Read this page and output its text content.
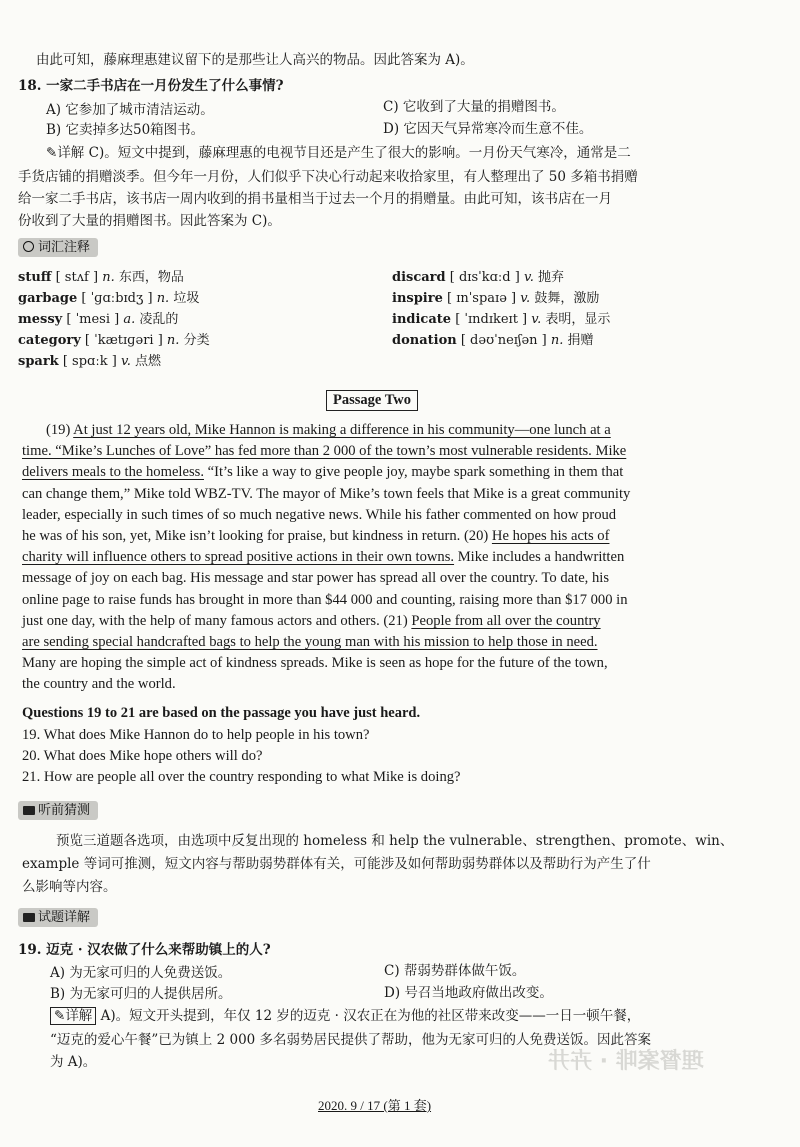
由此可知，藤麻理惠建议留下的是那些让人高兴的物品。因此答案为 A)。
18. 一家二手书店在一月份发生了什么事情?
A) 它参加了城市清洁运动。
B) 它卖掉多达50箱图书。
C) 它收到了大量的捐赠图书。
D) 它因天气异常寒冷而生意不佳。
✎详解 C)。短文中提到，藤麻理惠的电视节目还是产生了很大的影响。一月份天气寒冷，通常是二
手货店铺的捐赠淡季。但今年一月份，人们似乎下决心行动起来收拾家里，有人整理出了 50 多箱书捐赠
给一家二手书店，该书店一周内收到的捐书量相当于过去一个月的捐赠量。由此可知，该书店在一月
份收到了大量的捐赠图书。因此答案为 C)。
词汇注释
stuff [ stʌf ] n. 东西，物品
garbage [ ˈɡɑːbɪdʒ ] n. 垃圾
messy [ ˈmesi ] a. 凌乱的
category [ ˈkætɪɡəri ] n. 分类
spark [ spɑːk ] v. 点燃
discard [ dɪsˈkɑːd ] v. 抛弃
inspire [ ɪnˈspaɪə ] v. 鼓舞，激励
indicate [ ˈɪndɪkeɪt ] v. 表明，显示
donation [ dəʊˈneɪʃən ] n. 捐赠
Passage Two
(19) At just 12 years old, Mike Hannon is making a difference in his community—one lunch at a
time. “Mike’s Lunches of Love” has fed more than 2 000 of the town’s most vulnerable residents. Mike
delivers meals to the homeless. “It’s like a way to give people joy, maybe spark something in them that
can change them,” Mike told WBZ-TV. The mayor of Mike’s town feels that Mike is a great community
leader, especially in such times of so much negative news. While his father commented on how proud
he was of his son, yet, Mike isn’t looking for praise, but kindness in return. (20) He hopes his acts of
charity will influence others to spread positive actions in their own towns. Mike includes a handwritten
message of joy on each bag. His message and star power has spread all over the country. To date, his
online page to raise funds has brought in more than $44 000 and counting, raising more than $17 000 in
just one day, with the help of many famous actors and others. (21) People from all over the country
are sending special handcrafted bags to help the young man with his mission to help those in need.
Many are hoping the simple act of kindness spreads. Mike is seen as hope for the future of the town,
the country and the world.
Questions 19 to 21 are based on the passage you have just heard.
19. What does Mike Hannon do to help people in his town?
20. What does Mike hope others will do?
21. How are people all over the country responding to what Mike is doing?
听前猜测
预览三道题各选项，由选项中反复出现的 homeless 和 help the vulnerable、strengthen、promote、win、
example 等词可推测，短文内容与帮助弱势群体有关，可能涉及如何帮助弱势群体以及帮助行为产生了什
么影响等内容。
试题详解
19. 迈克 · 汉农做了什么来帮助镇上的人?
A) 为无家可归的人免费送饭。
B) 为无家可归的人提供居所。
C) 帮弱势群体做午饭。
D) 号召当地政府做出改变。
✎详解 A)。短文开头提到，年仅 12 岁的迈克 · 汉农正在为他的社区带来改变——一日一顿午餐，
“迈克的爱心午餐”已为镇上 2 000 多名弱势居民提供了帮助，他为无家可归的人免费送饭。因此答案
为 A)。	理督案啡 · 卉井
2020. 9 / 17 (第 1 套)
